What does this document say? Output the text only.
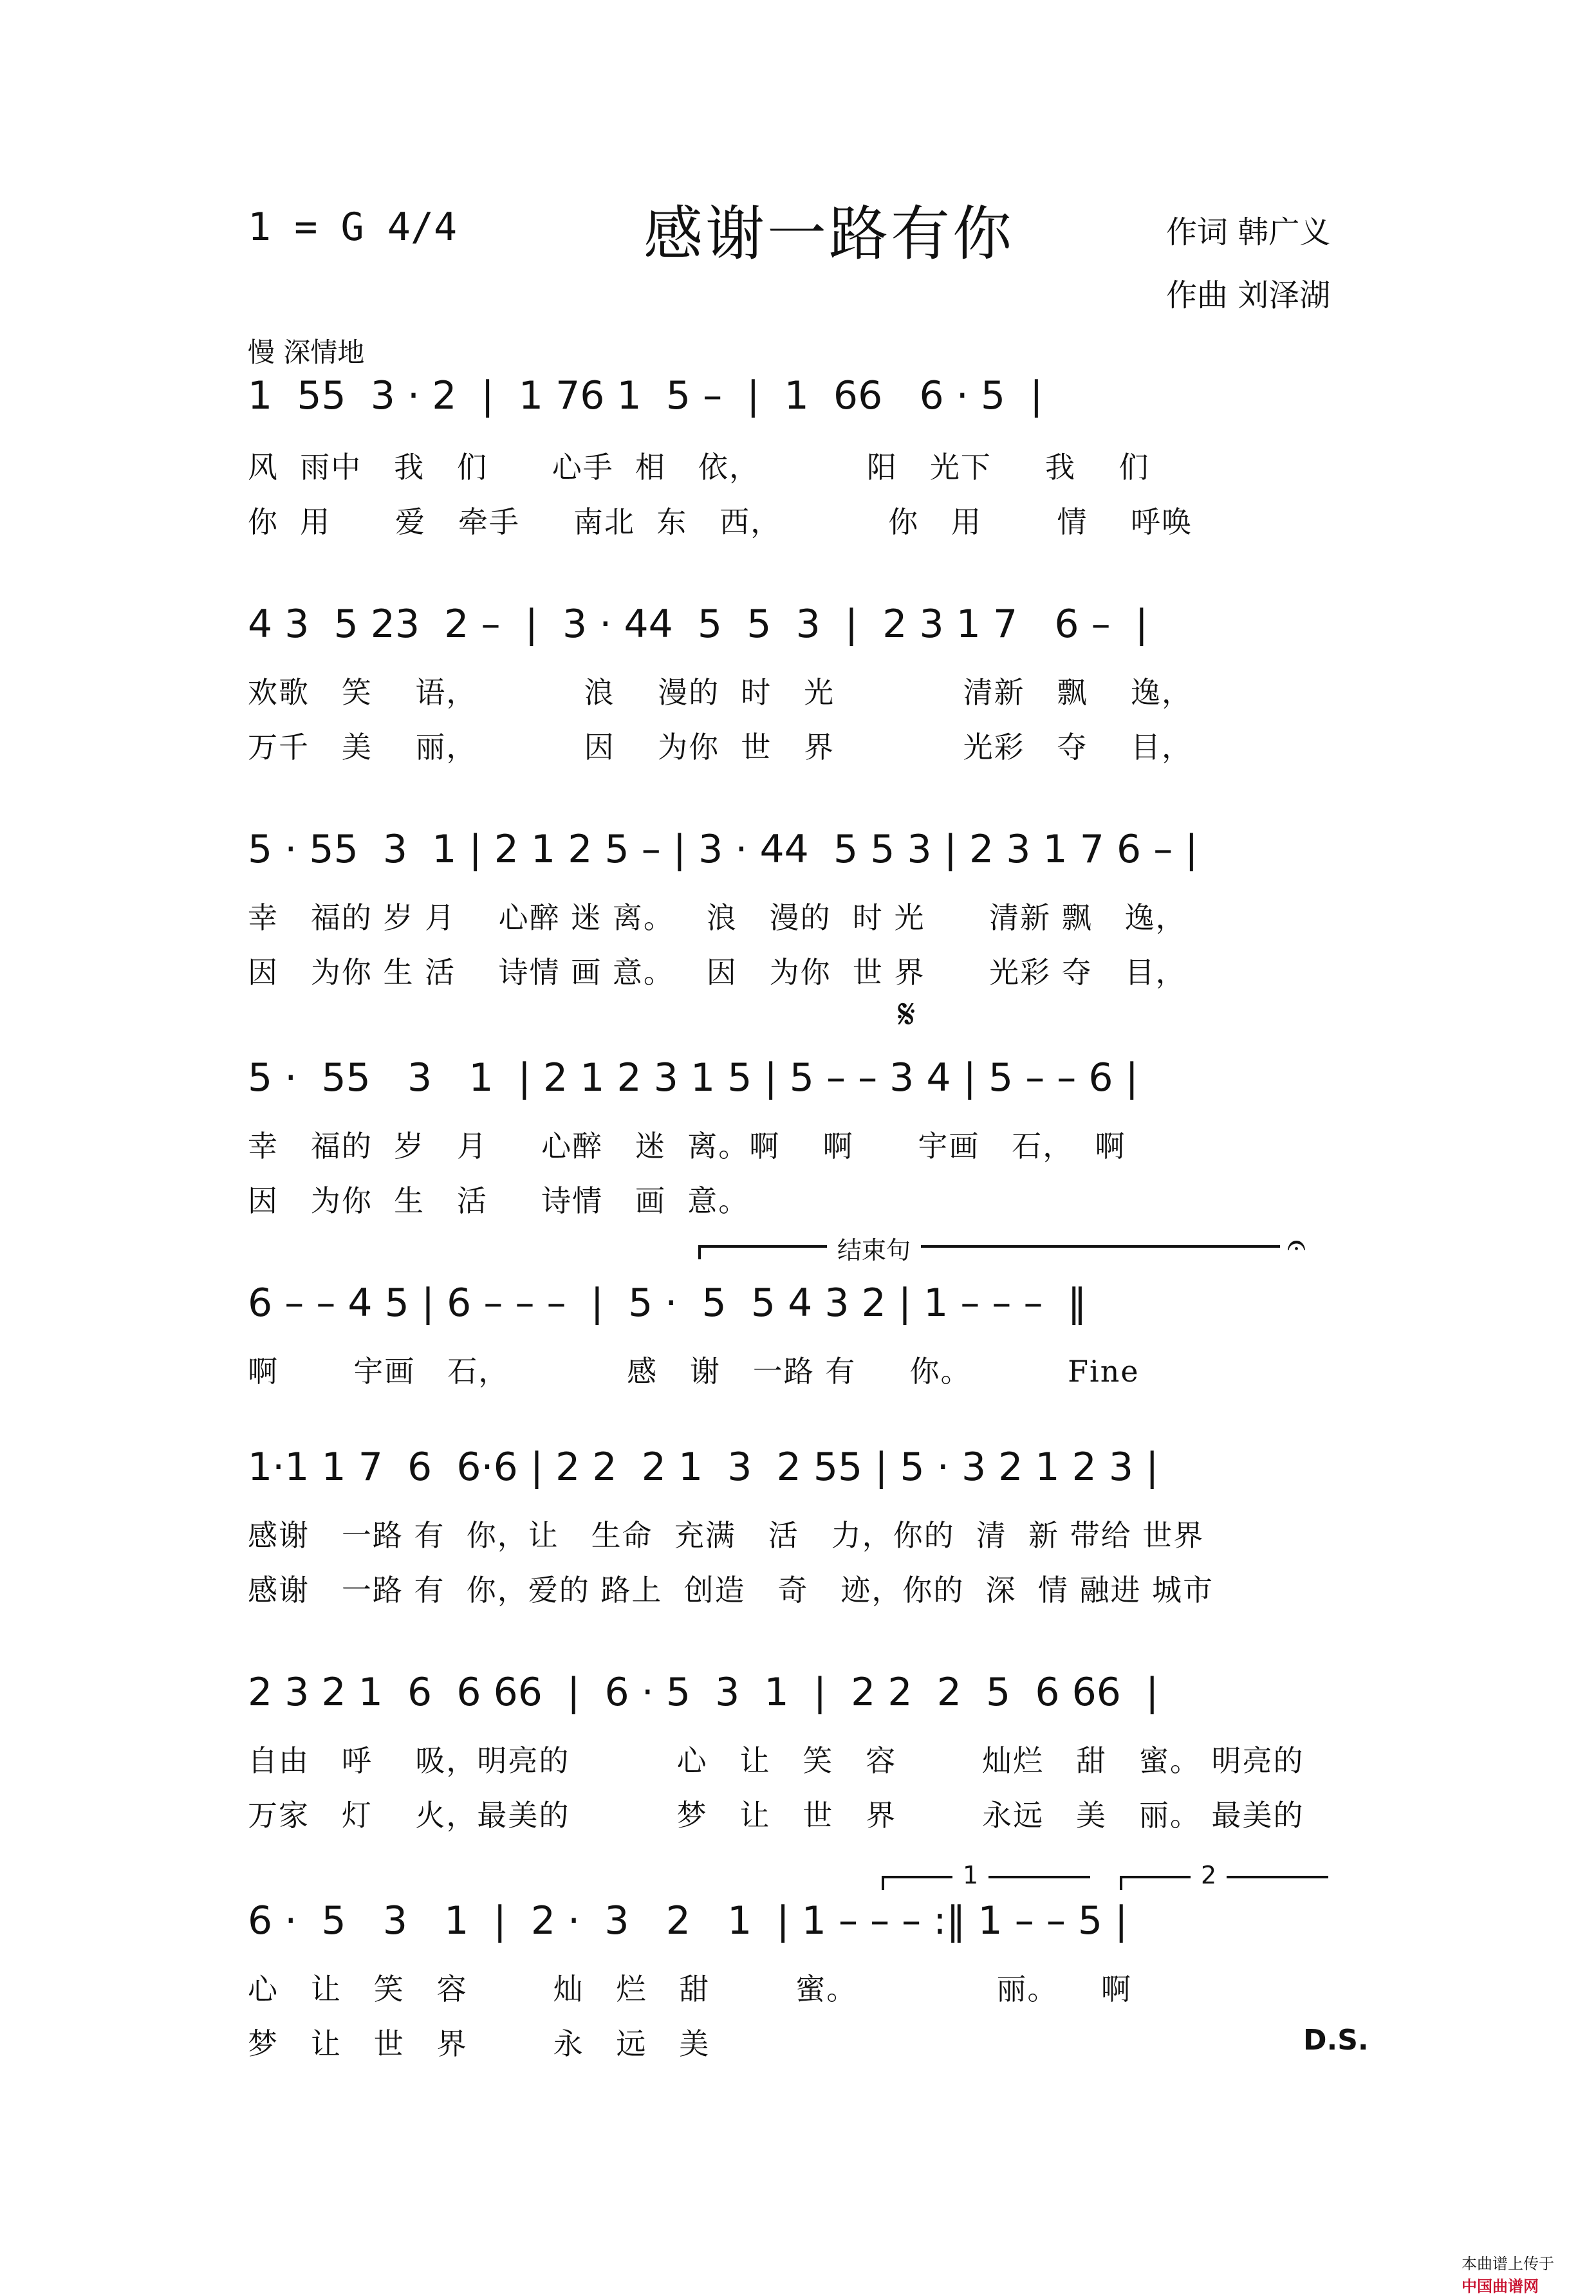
1 = G 4/4	感谢一路有你	作词 韩广义
作曲 刘泽湖
慢 深情地
1  55  3 · 2  |  1 76 1  5 –  |  1  66   6 · 5  |
风  雨中   我   们      心手  相   依，          阳   光下     我    们
你  用      爱   牵手     南北  东   西，          你   用       情    呼唤
4 3  5 23  2 –  |  3 · 44  5  5  3  |  2 3 1 7   6 –  |
欢歌   笑    语，          浪    漫的  时   光            清新   飘    逸，
万千   美    丽，          因    为你  世   界            光彩   夺    目，
5 · 55  3  1 | 2 1 2 5 – | 3 · 44  5 5 3 | 2 3 1 7 6 – |
幸   福的 岁 月    心醉 迷 离。   浪   漫的  时 光      清新 飘   逸，
因   为你 生 活    诗情 画 意。   因   为你  世 界      光彩 夺   目，
𝄋
5 ·  55   3   1  | 2 1 2 3 1 5 | 5 – – 3 4 | 5 – – 6 |
幸   福的  岁   月     心醉   迷  离。啊    啊      宇画   石，  啊
因   为你  生   活     诗情   画  意。
结束句	𝄐
6 – – 4 5 | 6 – – –  |  5 ·  5  5 4 3 2 | 1 – – –  ‖
啊       宇画   石，           感   谢   一路 有     你。         Fine
1·1 1 7  6  6·6 | 2 2  2 1  3  2 55 | 5 · 3 2 1 2 3 |
感谢   一路 有  你，让   生命  充满   活   力，你的  清  新 带给 世界
感谢   一路 有  你，爱的 路上  创造   奇   迹，你的  深  情 融进 城市
2 3 2 1  6  6 66  |  6 · 5  3  1  |  2 2  2  5  6 66  |
自由   呼    吸，明亮的          心   让   笑   容        灿烂   甜   蜜。 明亮的
万家   灯    火，最美的          梦   让   世   界        永远   美   丽。 最美的
1	2
6 ·  5   3   1  |  2 ·  3   2   1  | 1 – – – :‖ 1 – – 5 |
心   让   笑   容        灿   烂   甜        蜜。             丽。    啊
梦   让   世   界        永   远   美	D.S.

本曲谱上传于
中国曲谱网
